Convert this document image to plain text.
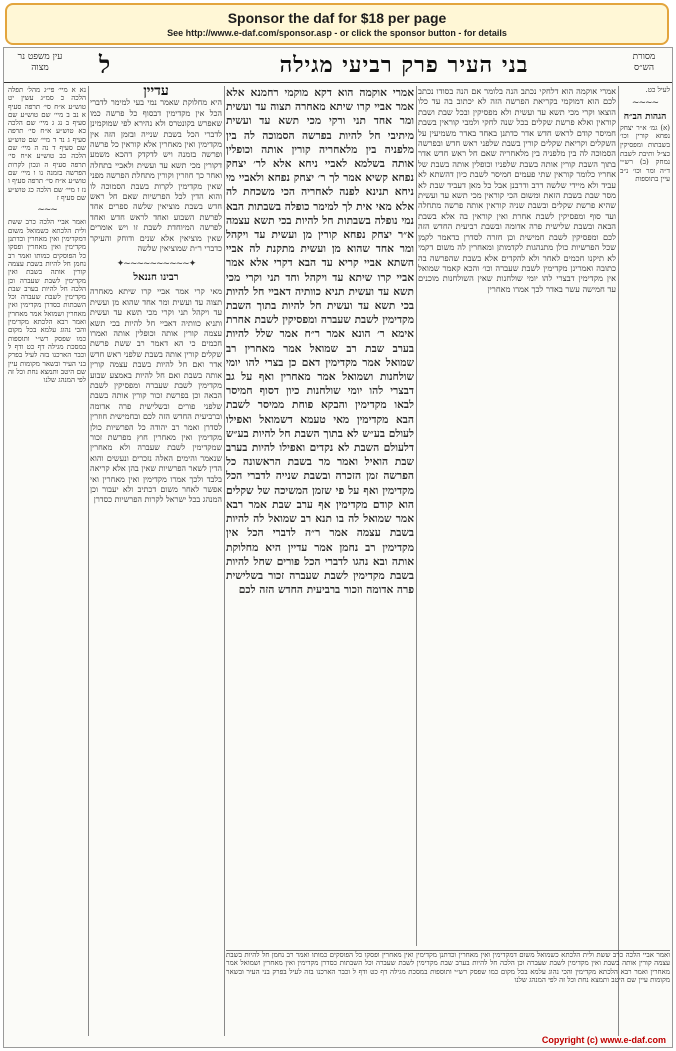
Sponsor the daf for $18 per page
See http://www.e-daf.com/sponsor.asp - or click the sponsor button - for details
עין משפט נר מצוה	ל	בני העיר פרק רביעי מגילה	מסורת הש״ס
נא א מיי׳ פי״ג מהל׳ תפלה הלכה כ סמ״ג עשין יט טוש״ע א״ח סי׳ תרפה סעיף א נב ב מיי׳ שם טוש״ע שם סעיף ב נג ג מיי׳ שם הלכה כא טוש״ע א״ח סי׳ תרפה סעיף ג נד ד מיי׳ שם טוש״ע שם סעיף ד נה ה מיי׳ שם הלכה כב טוש״ע א״ח סי׳ תרפה סעיף ה ונכון לקרות הפרשה בזמנה נו ו מיי׳ שם טוש״ע א״ח סי׳ תרפה סעיף ו נז ז מיי׳ שם הלכה כג טוש״ע שם סעיף ז
~~~
ואמר אביי הלכה כרב ששת ולית הלכתא כשמואל משום דמקדימין ואין מאחרין וכדתנן מקדימין ואין מאחרין ופסקו כל הפוסקים כמותו ואמר רב נחמן חל להיות בשבת עצמה קורין אותה בשבת ואין מקדימין לשבת שעברה וכן הלכה חל להיות בערב שבת מקדימין לשבת שעברה וכל השבתות כסדרן מקדימין ואין מאחרין ושמואל אמר מאחרין ואמר רבא הלכתא מקדימין והכי נהוג עלמא בכל מקום כמו שפסק רש״י ותוספות במסכת מגילה דף כט ודף ל וכבר הארכנו בזה לעיל בפרק בני העיר ובשאר מקומות עיין שם היטב ותמצא נחת וכל זה לפי המנהג שלנו
עדיין
היא מחלוקת שאמר נמי בעי למימר לדברי הכל אין מקדימין דבסוף כל פרשה כמו שאפרש בקונטרס ולא נהירא לפי שמוקמינן לדברי הכל בשבת שנייה ובזמן הזה אין מקדימין ואין מאחרין אלא קוראין כל פרשה ופרשה בזמנה ויש לדקדק דהכא משמע דקורין מכי תשא עד ועשית ולאביי בתחלה ואחר כך חוזרין וקורין מתחלת הפרשה מפני שאין מקדימין לקרות בשבת הסמוכה לו והוא הדין לכל הפרשיות שאם חל ראש חדש בשבת מוציאין שלשה ספרים אחד לפרשת השבוע ואחד לראש חדש ואחד לפרשה המיוחדת לשבת זו ויש אומרים שאין מוציאין אלא שנים ודוחק והעיקר כדברי ר״ת שמוציאין שלשה
✦~~~~~~~~~~✦
רבינו חננאל
מאי קרי אמר אביי קרו שיתא מאחרה תצוה עד ועשית ומר אחד שהוא מן ועשית עד ויקהל תני וקרי מכי תשא עד ועשית ותניא כוותיה דאביי חל להיות בכי תשא עצמה קורין אותה וכופלין אותה ואמרו חכמים כי הא דאמר רב ששת פרשת שקלים קורין אותה בשבת שלפני ראש חדש אדר ואם חל להיות בשבת עצמה קורין אותה בשבת ואם חל להיות באמצע שבוע מקדימין לשבת שעברה ומפסיקין לשבת הבאה וכן בפרשת זכור קורין אותה בשבת שלפני פורים ובשלישית פרה אדומה וברביעית החדש הזה לכם ובחמישית חוזרין לסדרן ואמר רב יהודה כל הפרשיות כולן מקדימין ואין מאחרין חוץ מפרשת זכור שמקדימין לשבת שעברה ולא מאחרין שנאמר והימים האלה נזכרים ונעשים והוא הדין לשאר הפרשיות שאין בהן אלא קריאה בלבד ולכך אמרו מקדימין ואין מאחרין ואי אפשר לאחר משום דכתיב ולא יעבור וכן המנהג בכל ישראל לקרות הפרשיות כסדרן
אמרי אוקמה הוא דקא מוקמי רחמנא אלא אמר אביי קרו שיתא מאחרה תצוה עד ועשית ומר אחד תני ורקי מכי תשא עד ועשית מיתיבי חל להיות בפרשה הסמוכה לה בין מלפניה בין מלאחריה קורין אותה וכופלין אותה בשלמא לאביי ניחא אלא לר׳ יצחק נפחא קשיא אמר לך ר׳ יצחק נפחא ולאביי מי ניחא תנינא לפנה לאחריה הכי משכחת לה אלא מאי אית לך למימר כופלה בשבתות הבא נמי נופלה בשבתות חל להיות בכי תשא עצמה א״ר יצחק נפחא קורין מן ועשית עד ויקהל ומר אחד שהוא מן ועשית מתקנת לה אביי השתא אביי קריא עד הבא דקרי אלא אמר אביי קרו שיתא עד ויקהל וחד תני וקרי מכי תשא עד ועשית תניא כוותיה דאביי חל להיות בכי תשא עד ועשית חל להיות בתוך השבת מקדימין לשבת שעברה ומפסיקין לשבת אחרת אימא ר׳ הונא אמר ר״ח אמר שלל להיות בערב שבת רב שמואל אמר מאחרין רב שמואל אמר מקדימין דאם כן בצרי להו יומי שולחנות ושמואל אמר מאחרין ואף על גב דבצרי להו יומי שולחנות כיון דסוף חמיסר לבאו מקדימין והבקא פוחת ממיסר לשבת הבא מקדימין מאי טעמא דשמואל ואפילו לעולם בע״ש לא בתוך השבת חל להיות בע״ש דלעולם השבת לא נקדים ואפילו להיות בערב שבת הואיל ואמר מר בשבת הראשונה כל הפרשה זמן הזכרה ובשבת שנייה לדברי הכל מקדימין ואף על פי שזמן המשיכה של שקלים הוא קודם מקדימין אף ערב שבת אמר רבא אמר שמואל לה בו תנא רב שמואל לה להיות בשבת עצמה אמר ר״ה לדברי הכל אין מקדימין רב נחמן אמר עדיין היא מחלוקת אותה ובא נהגו לדברי הכל פורים שחל להיות בשבת מקדימין לשבת שעברה זכור בשלישית פרה אדומה וזכור ברביעית החדש הזה לכם
אמרי אוקמה הוא דלחקי נכתב הנה בלומר אם הנה בסודו נכתב לכם הוא דמוקמי בקריאת הפרשה הזה לא יכתוב בה עד כלו הוצאו וקרי מכי תשא עד ועשית ולא מפסיקין ובכל שבת ושבת קוראין ואלא פרשת שקלים בכל שנה לחקי ולמבי קוראין בשבת חמיסר קודם לראש חדש אדר כדתנן באחד באדר משמיעין על השקלים וקריאת שקלים קורין בשבת שלפני ראש חדש ובפרשה הסמוכה לה בין מלפניה בין מלאחריה שאם חל ראש חדש אדר בתוך השבת קורין אותה בשבת שלפניו וכופלין אותה בשבת של אחריו כלומר קוראין שתי פעמים חמיסר לשבת כיון דהשתא לא עביד ולא מיידי שלשה דרב ודרבנן אבל כל מאן דעביד שבת לא מסר שבת בשבת הזאת ומשום הכי קוראין מכי תשא עד ועשית שהיא פרשת שקלים ובשבת שניה קוראין אותה פרשה מתחלה ועד סוף ומפסיקין לשבת אחרת ואין קוראין בה אלא בשבת הבאה ובשבת שלישית פרה אדומה ובשבת רביעית החדש הזה לכם ומפסיקין לשבת חמישית וכן חזרה לסדרן כדאמר לקמן שכל הפרשיות כולן מתנהגות לקדמותן ומאחרין לה משום דקמי לא תיקנו חכמים לאחר ולא להקדים אלא בשבת שהפרשה בה כתובה ואמרינן מקדימין לשבת שעברה וכו׳ והכא קאמר שמואל אין מקדימין דבצרי להו יומי שולחנות שאין השולחנות מוכנים עד חמישה עשר באדר לכך אמרו מאחרין
לעיל כט.
~~~~
הגהות הב״ח
(א) גמ׳ א״ר יצחק נפחא קורין וכו׳ בשבתות ומפסיקין כצ״ל ותיבת לשבת נמחק (ב) רש״י ד״ה ומר וכו׳ נ״ב עיין בתוספות
ואמר אביי הלכה כרב ששת ולית הלכתא כשמואל משום דמקדימין ואין מאחרין וכדתנן מקדימין ואין מאחרין ופסקו כל הפוסקים כמותו ואמר רב נחמן חל להיות בשבת עצמה קורין אותה בשבת ואין מקדימין לשבת שעברה וכן הלכה חל להיות בערב שבת מקדימין לשבת שעברה וכל השבתות כסדרן מקדימין ואין מאחרין ושמואל אמר מאחרין ואמר רבא הלכתא מקדימין והכי נהוג עלמא בכל מקום כמו שפסק רש״י ותוספות במסכת מגילה דף כט ודף ל וכבר הארכנו בזה לעיל בפרק בני העיר ובשאר מקומות עיין שם היטב ותמצא נחת וכל זה לפי המנהג שלנו
Copyright (c) www.e-daf.com
